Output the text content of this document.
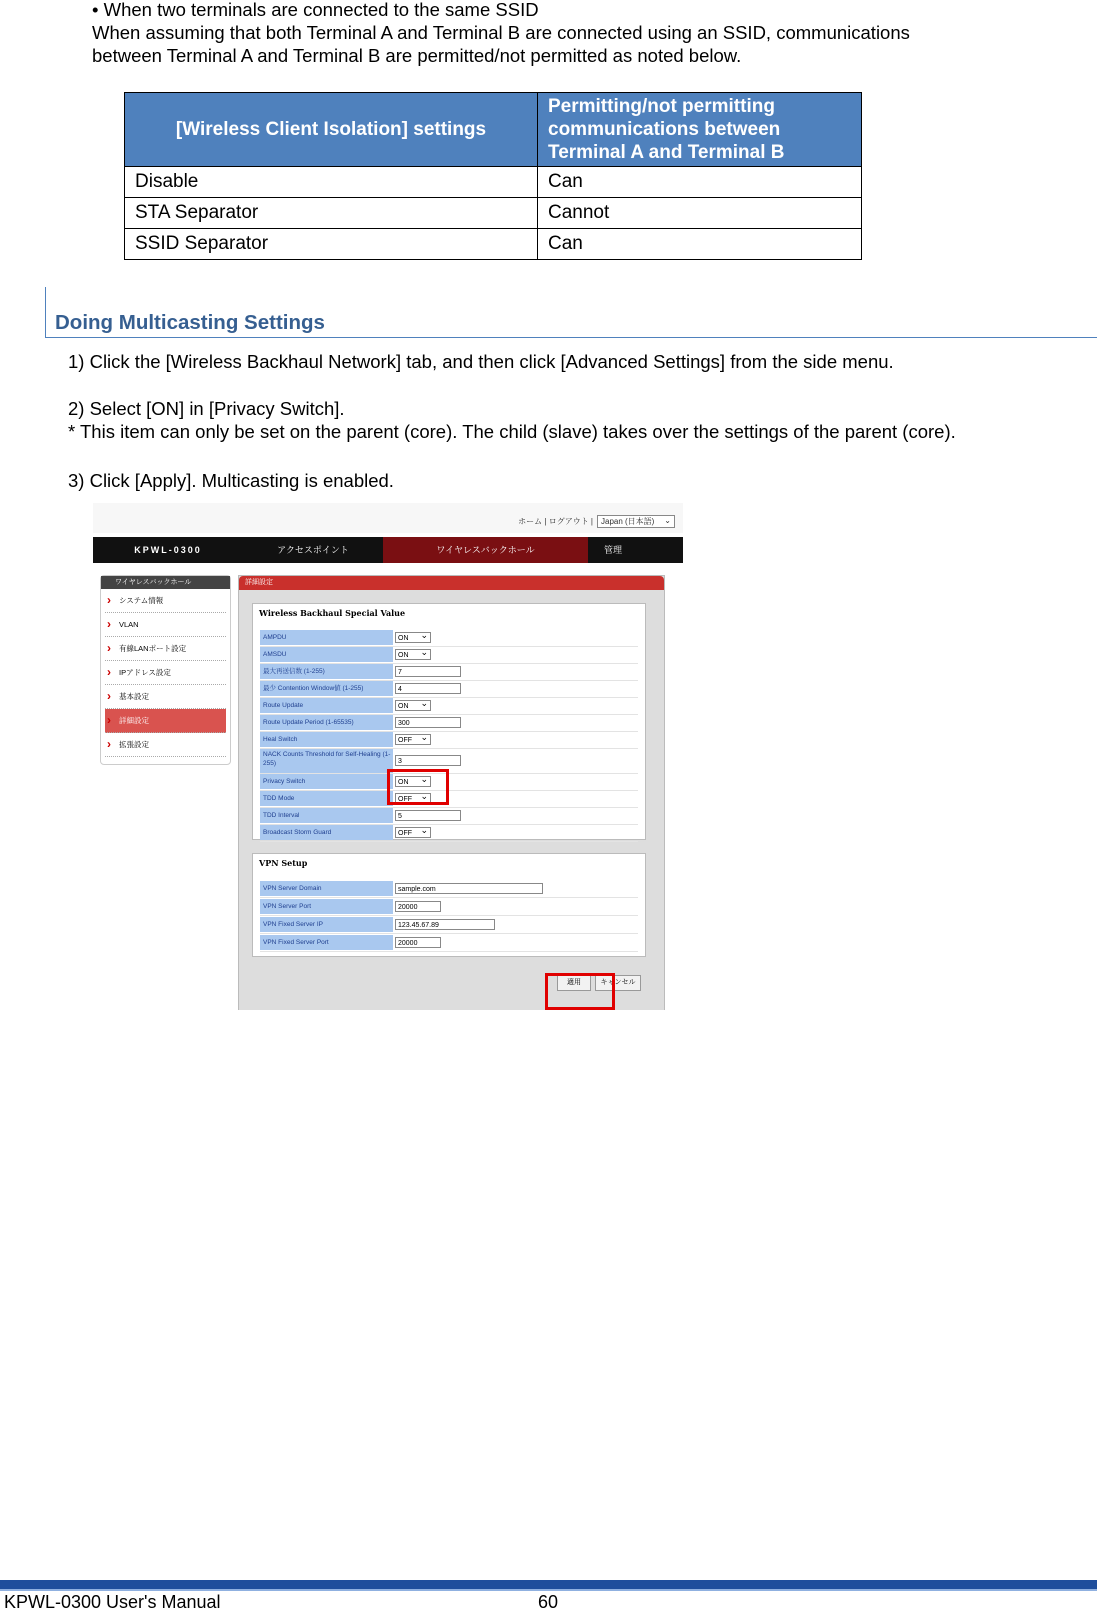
• When two terminals are connected to the same SSID

When assuming that both Terminal A and Terminal B are connected using an SSID, communications

between Terminal A and Terminal B are permitted/not permitted as noted below.

[Wireless Client Isolation] settings	Permitting/not permitting communications between Terminal A and Terminal B
Disable	Can
STA Separator	Cannot
SSID Separator	Can
Doing Multicasting Settings

1) Click the [Wireless Backhaul Network] tab, and then click [Advanced Settings] from the side menu.

2) Select [ON] in [Privacy Switch].

* This item can only be set on the parent (core). The child (slave) takes over the settings of the parent (core).

3) Click [Apply]. Multicasting is enabled.

ホーム | ログアウト | Japan (日本語) ⌄
KPWL-0300	アクセスポイント	ワイヤレスバックホール	管理
ワイヤレスバックホール
› システム情報
› VLAN
› 有線LANポート設定
› IPアドレス設定
› 基本設定
› 詳細設定
› 拡張設定
詳細設定
Wireless Backhaul Special Value
AMPDU	ON ⌄
AMSDU	ON ⌄
最大再送信数 (1-255)	7
最少 Contention Window値 (1-255)	4
Route Update	ON ⌄
Route Update Period (1-65535)	300
Heal Switch	OFF ⌄
NACK Counts Threshold for Self-Healing (1-255)	3
Privacy Switch	ON ⌄
TDD Mode	OFF ⌄
TDD Interval	5
Broadcast Storm Guard	OFF ⌄
VPN Setup
VPN Server Domain	sample.com
VPN Server Port	20000
VPN Fixed Server IP	123.45.67.89
VPN Fixed Server Port	20000
適用	キャンセル
KPWL-0300 User's Manual	60
